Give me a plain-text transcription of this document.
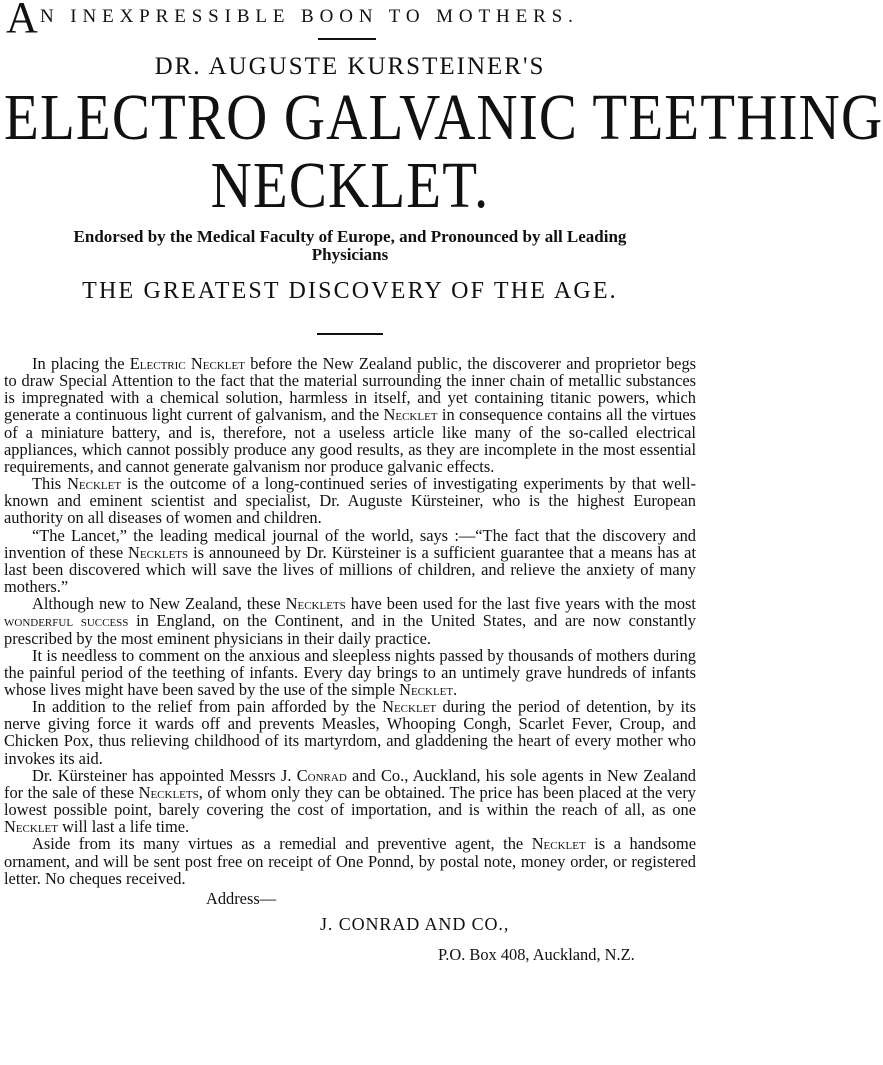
A N INEXPRESSIBLE BOON TO MOTHERS.
DR. AUGUSTE KURSTEINER'S
ELECTRO GALVANIC TEETHING
NECKLET.
Endorsed by the Medical Faculty of Europe, and Pronounced by all Leading Physicians
THE GREATEST DISCOVERY OF THE AGE.

In placing the Electric Necklet before the New Zealand public, the discoverer and proprietor begs to draw Special Attention to the fact that the material surrounding the inner chain of metallic substances is impregnated with a chemical solution, harmless in itself, and yet containing titanic powers, which generate a continuous light current of galvanism, and the Necklet in consequence contains all the virtues of a miniature battery, and is, therefore, not a useless article like many of the so-called electrical appliances, which cannot possibly produce any good results, as they are incomplete in the most essential requirements, and cannot generate galvanism nor produce galvanic effects.

This Necklet is the outcome of a long-continued series of investigating experiments by that well-known and eminent scientist and specialist, Dr. Auguste Kürsteiner, who is the highest European authority on all diseases of women and children.

“The Lancet,” the leading medical journal of the world, says :—“The fact that the discovery and invention of these Necklets is announeed by Dr. Kürsteiner is a sufficient guarantee that a means has at last been discovered which will save the lives of millions of children, and relieve the anxiety of many mothers.”

Although new to New Zealand, these Necklets have been used for the last five years with the most wonderful success in England, on the Continent, and in the United States, and are now constantly prescribed by the most eminent physicians in their daily practice.

It is needless to comment on the anxious and sleepless nights passed by thousands of mothers during the painful period of the teething of infants. Every day brings to an untimely grave hundreds of infants whose lives might have been saved by the use of the simple Necklet.

In addition to the relief from pain afforded by the Necklet during the period of detention, by its nerve giving force it wards off and prevents Measles, Whooping Congh, Scarlet Fever, Croup, and Chicken Pox, thus relieving childhood of its martyrdom, and gladdening the heart of every mother who invokes its aid.

Dr. Kürsteiner has appointed Messrs J. Conrad and Co., Auckland, his sole agents in New Zealand for the sale of these Necklets, of whom only they can be obtained. The price has been placed at the very lowest possible point, barely covering the cost of importation, and is within the reach of all, as one Necklet will last a life time.

Aside from its many virtues as a remedial and preventive agent, the Necklet is a handsome ornament, and will be sent post free on receipt of One Ponnd, by postal note, money order, or registered letter. No cheques received.

Address—
J. CONRAD AND CO.,
P.O. Box 408, Auckland, N.Z.
